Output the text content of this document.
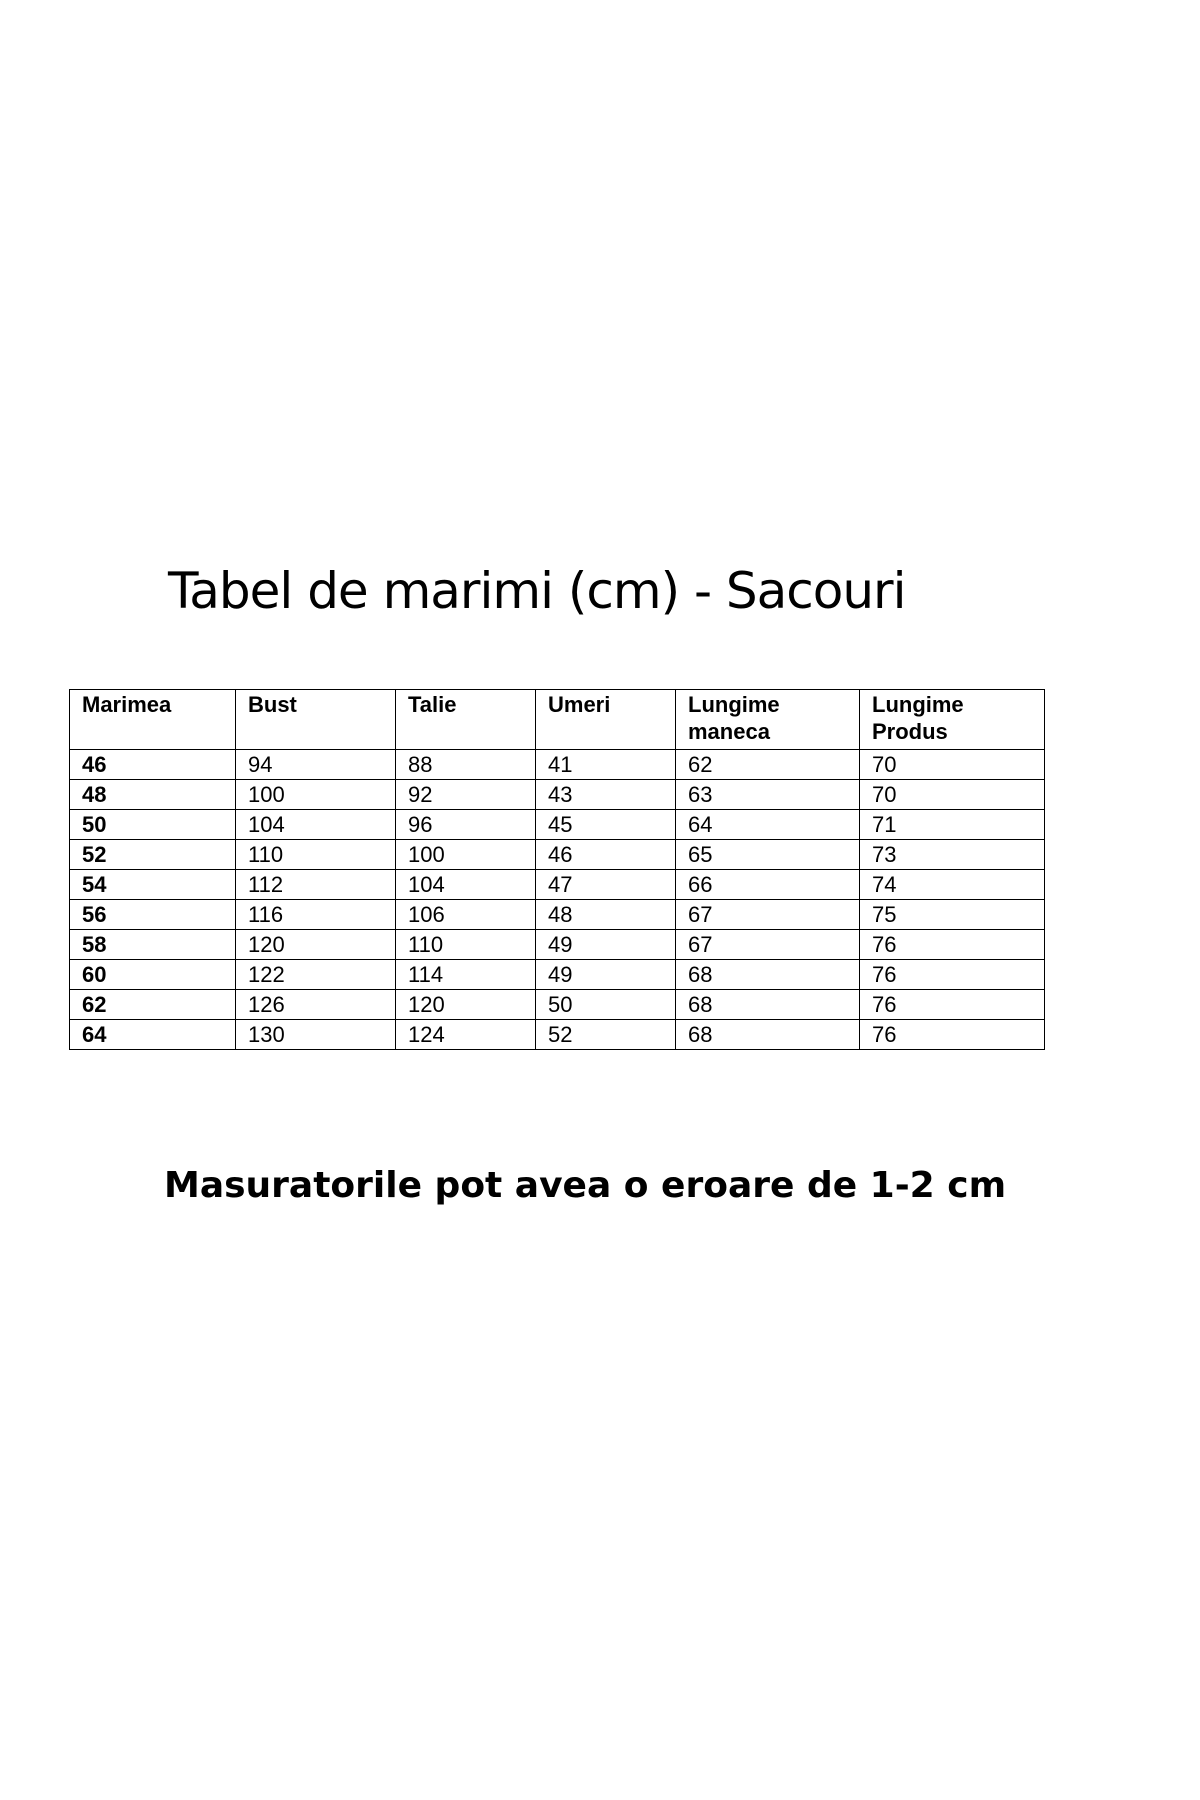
Tabel de marimi (cm) - Sacouri
Marimea	Bust	Talie	Umeri	Lungime maneca	Lungime Produs
46	94	88	41	62	70
48	100	92	43	63	70
50	104	96	45	64	71
52	110	100	46	65	73
54	112	104	47	66	74
56	116	106	48	67	75
58	120	110	49	67	76
60	122	114	49	68	76
62	126	120	50	68	76
64	130	124	52	68	76

Masuratorile pot avea o eroare de 1-2 cm
